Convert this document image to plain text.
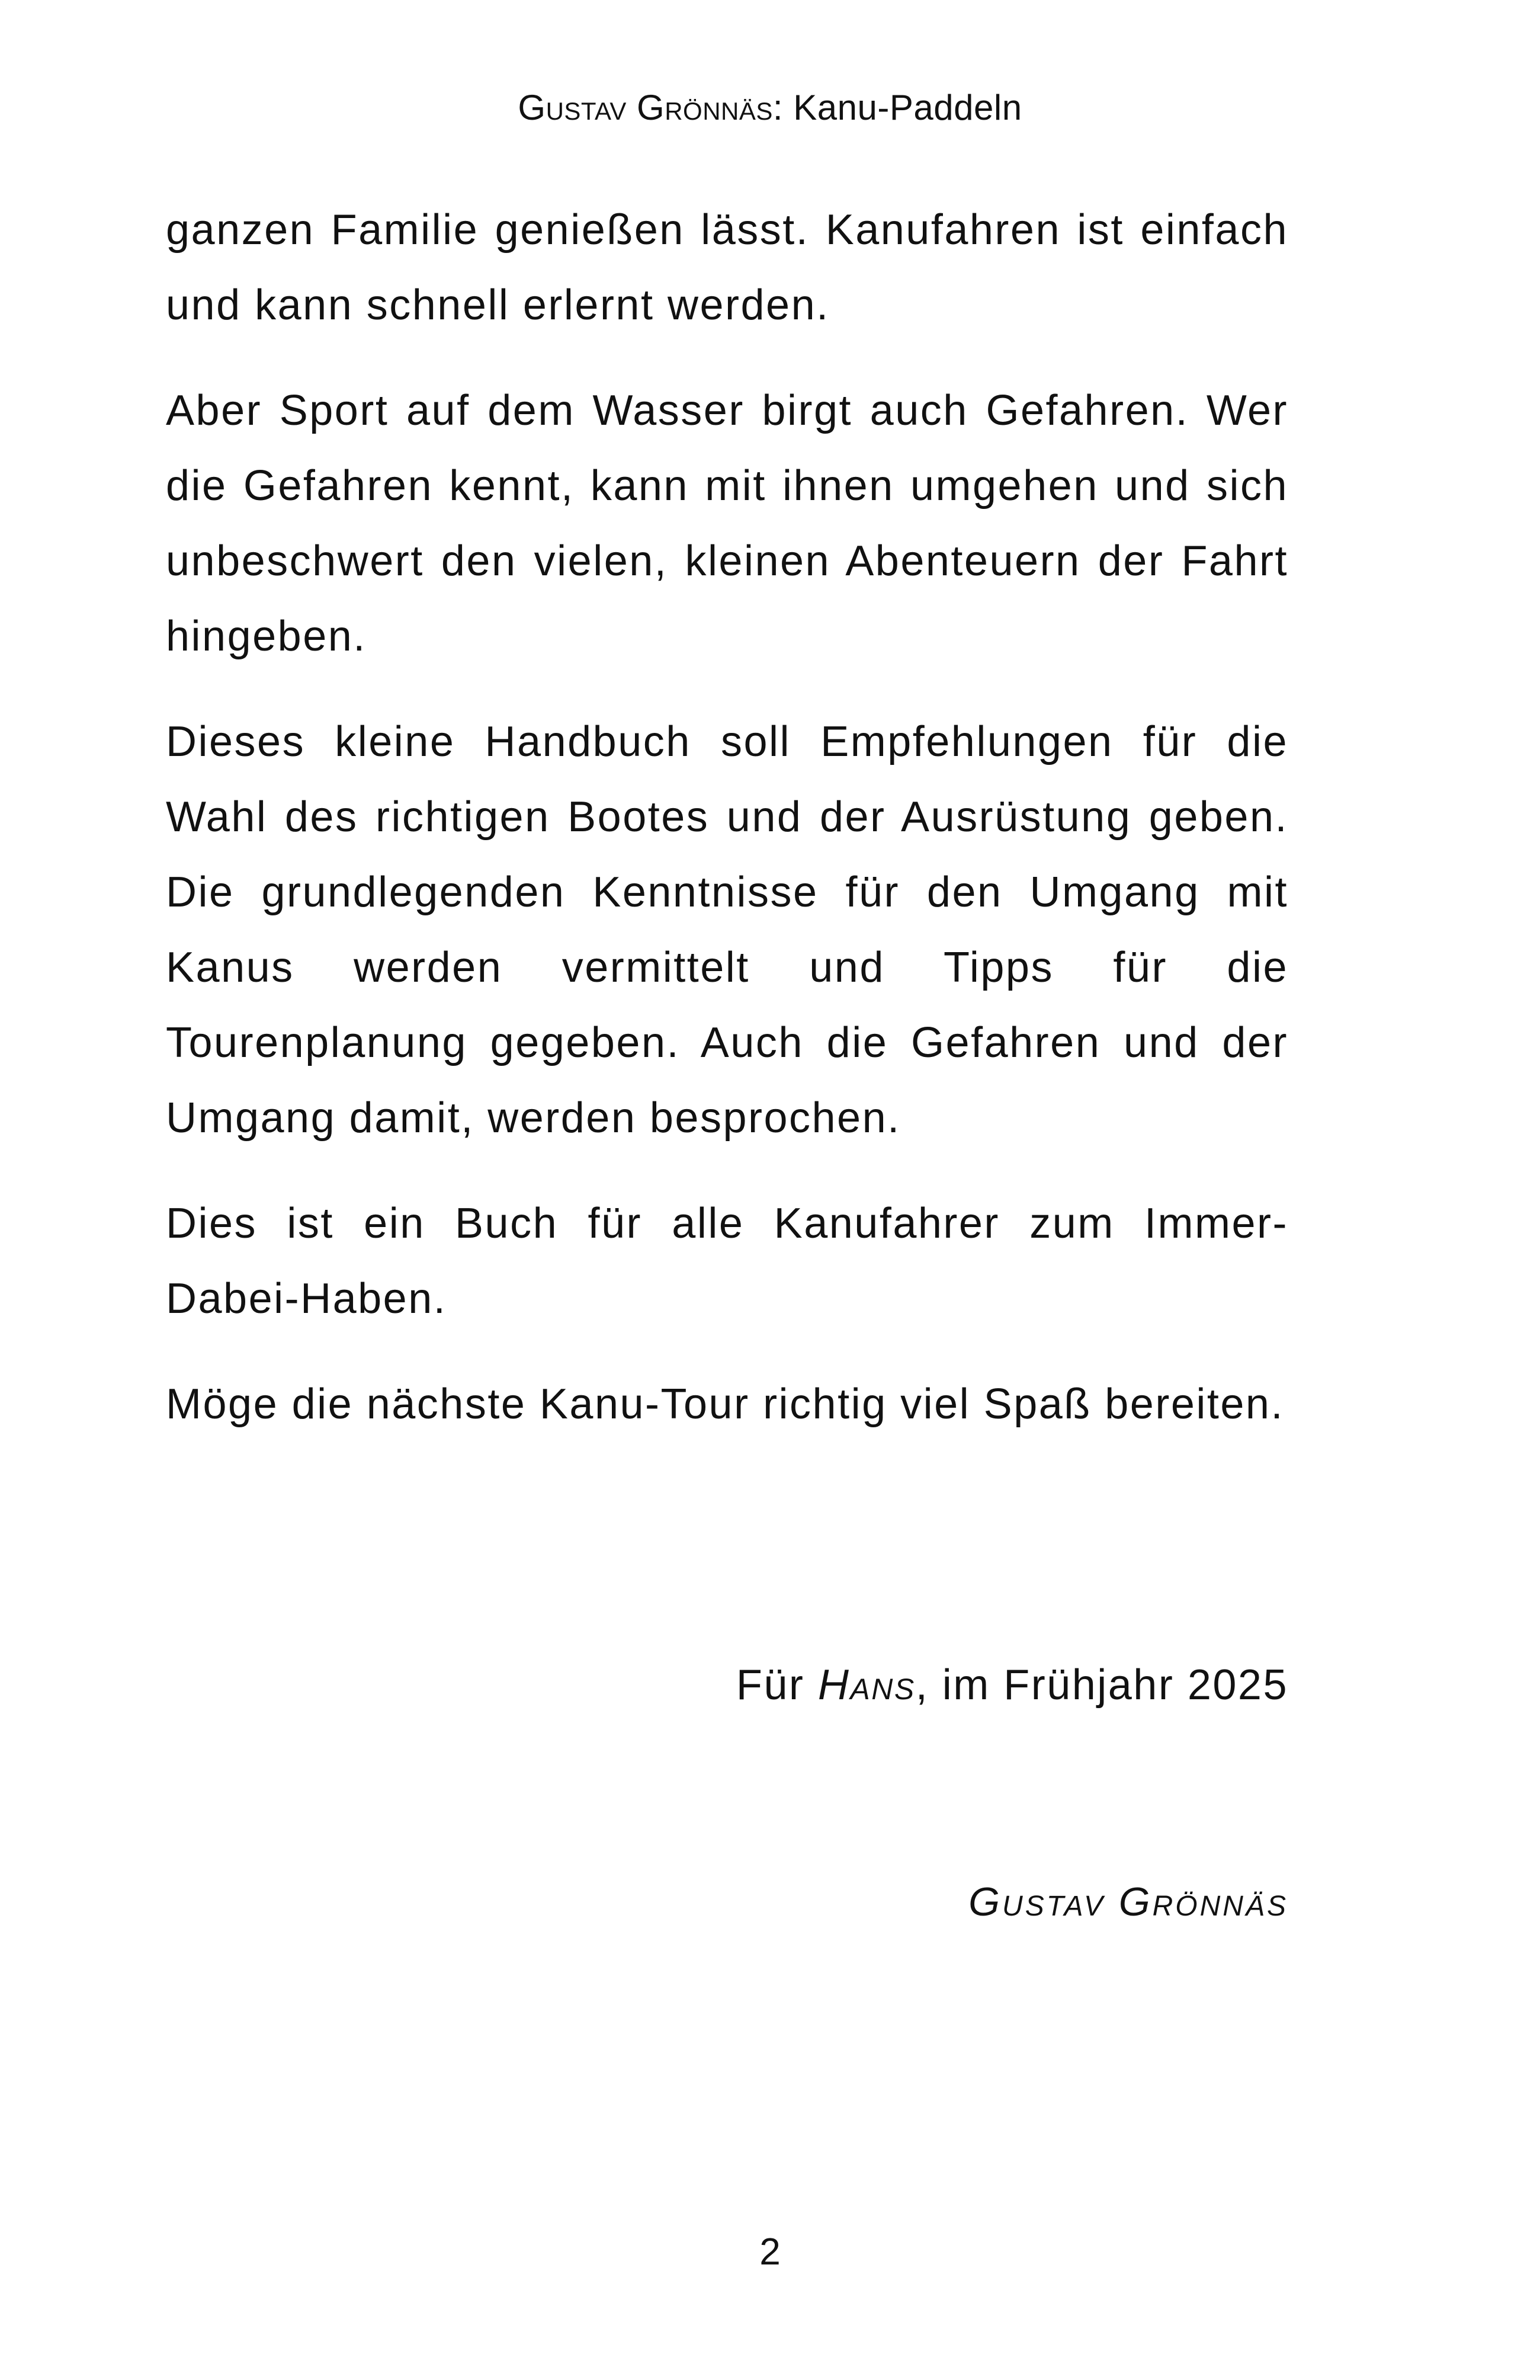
Gustav Grönnäs: Kanu-Paddeln

ganzen Familie genießen lässt. Kanufahren ist einfach und kann schnell erlernt werden.

Aber Sport auf dem Wasser birgt auch Gefahren. Wer die Gefahren kennt, kann mit ihnen umgehen und sich unbeschwert den vielen, kleinen Abenteuern der Fahrt hingeben.

Dieses kleine Handbuch soll Empfehlungen für die Wahl des richtigen Bootes und der Ausrüstung geben. Die grundlegenden Kenntnisse für den Umgang mit Kanus werden vermittelt und Tipps für die Tourenplanung gegeben. Auch die Gefahren und der Umgang damit, werden besprochen.

Dies ist ein Buch für alle Kanufahrer zum Immer-Dabei-Haben.

Möge die nächste Kanu-Tour richtig viel Spaß bereiten.

Für Hans, im Frühjahr 2025
Gustav Grönnäs
2
